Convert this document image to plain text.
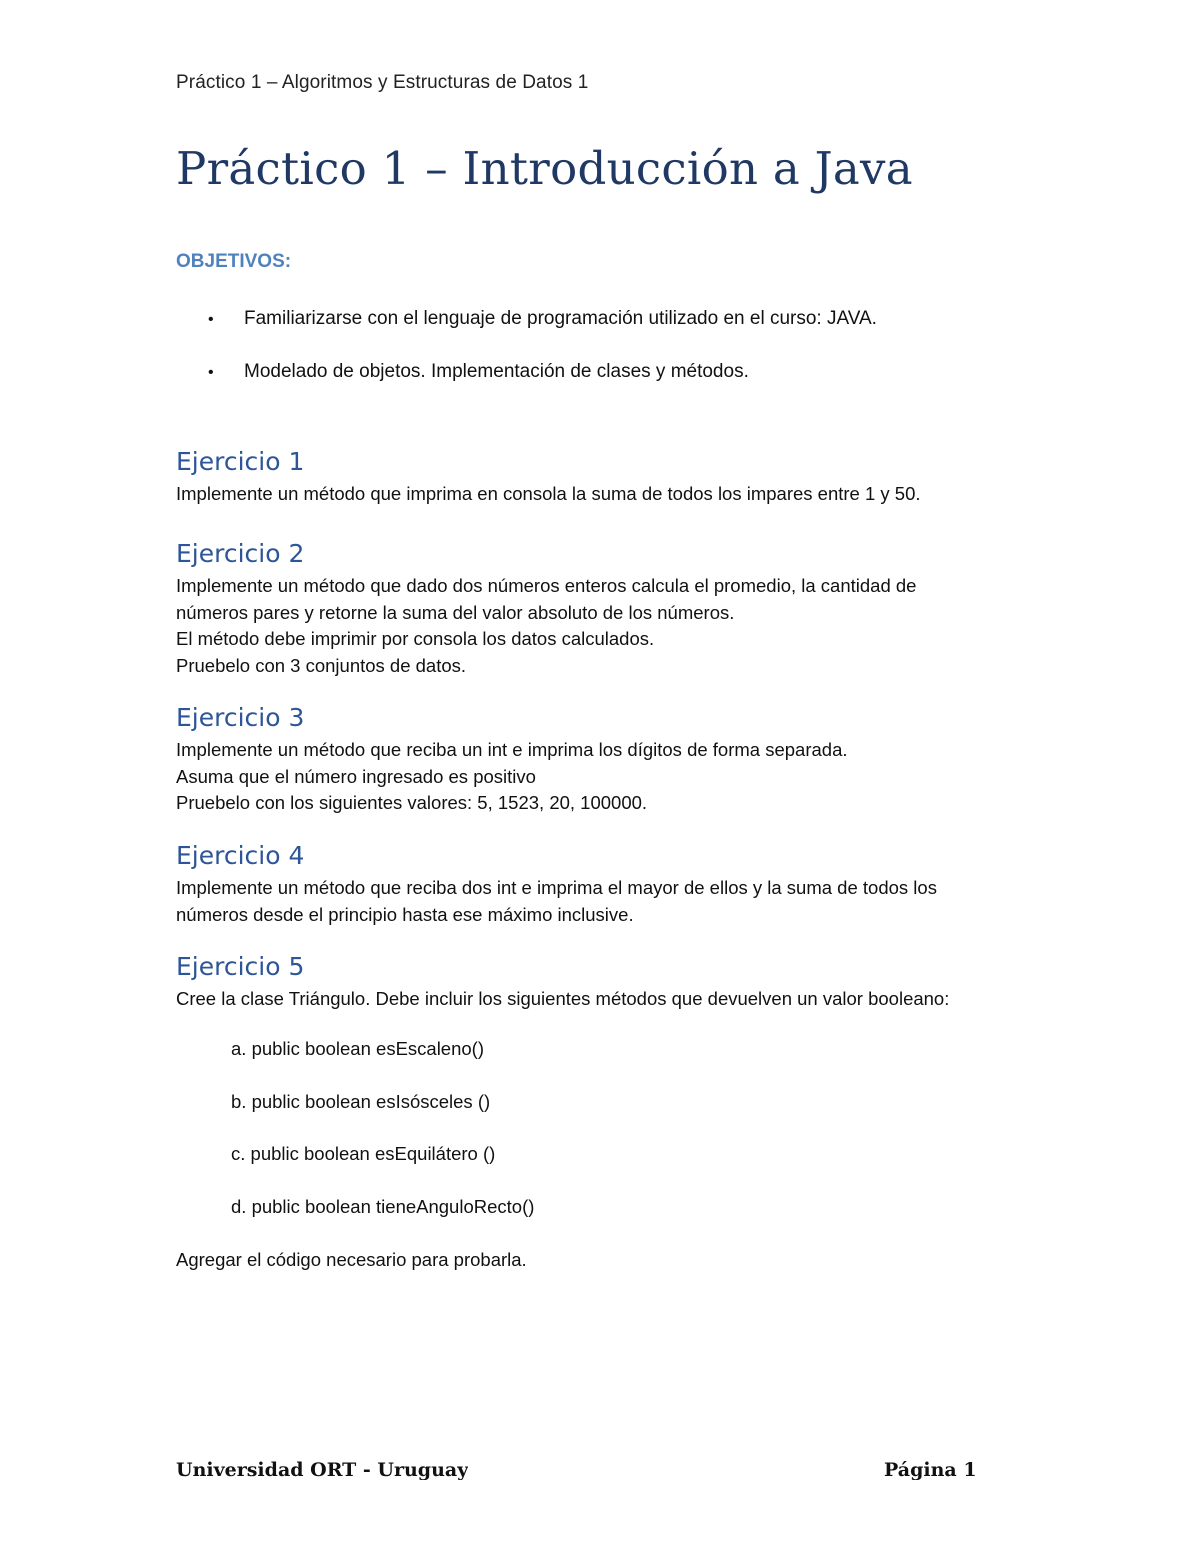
Práctico 1 – Algoritmos y Estructuras de Datos 1
Práctico 1 – Introducción a Java
OBJETIVOS:
• Familiarizarse con el lenguaje de programación utilizado en el curso: JAVA.
• Modelado de objetos. Implementación de clases y métodos.
Ejercicio 1

Implemente un método que imprima en consola la suma de todos los impares entre 1 y 50.

Ejercicio 2

Implemente un método que dado dos números enteros calcula el promedio, la cantidad de

números pares y retorne la suma del valor absoluto de los números.

El método debe imprimir por consola los datos calculados.

Pruebelo con 3 conjuntos de datos.

Ejercicio 3

Implemente un método que reciba un int e imprima los dígitos de forma separada.

Asuma que el número ingresado es positivo

Pruebelo con los siguientes valores: 5, 1523, 20, 100000.

Ejercicio 4

Implemente un método que reciba dos int e imprima el mayor de ellos y la suma de todos los

números desde el principio hasta ese máximo inclusive.

Ejercicio 5

Cree la clase Triángulo. Debe incluir los siguientes métodos que devuelven un valor booleano:

a. public boolean esEscaleno()
b. public boolean esIsósceles ()
c. public boolean esEquilátero ()
d. public boolean tieneAnguloRecto()
Agregar el código necesario para probarla.
Universidad ORT - Uruguay	Página 1
